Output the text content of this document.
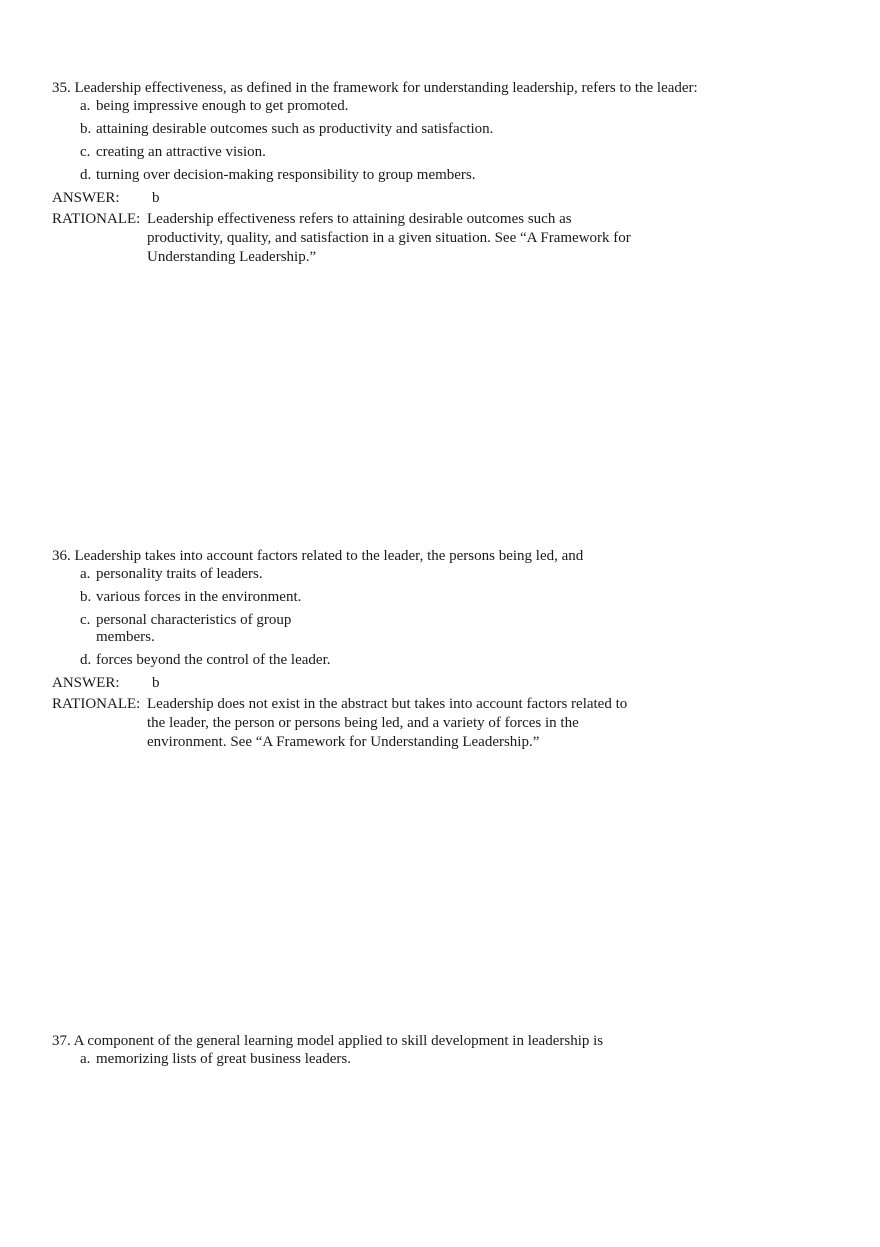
35. Leadership effectiveness, as defined in the framework for understanding leadership, refers to the leader:
a. being impressive enough to get promoted.
b. attaining desirable outcomes such as productivity and satisfaction.
c. creating an attractive vision.
d. turning over decision-making responsibility to group members.
ANSWER: b
RATIONALE: Leadership effectiveness refers to attaining desirable outcomes such as
productivity, quality, and satisfaction in a given situation. See “A Framework for
Understanding Leadership.”
36. Leadership takes into account factors related to the leader, the persons being led, and
a. personality traits of leaders.
b. various forces in the environment.
c. personal characteristics of group
members.
d. forces beyond the control of the leader.
ANSWER: b
RATIONALE: Leadership does not exist in the abstract but takes into account factors related to
the leader, the person or persons being led, and a variety of forces in the
environment. See “A Framework for Understanding Leadership.”
37. A component of the general learning model applied to skill development in leadership is
a. memorizing lists of great business leaders.
